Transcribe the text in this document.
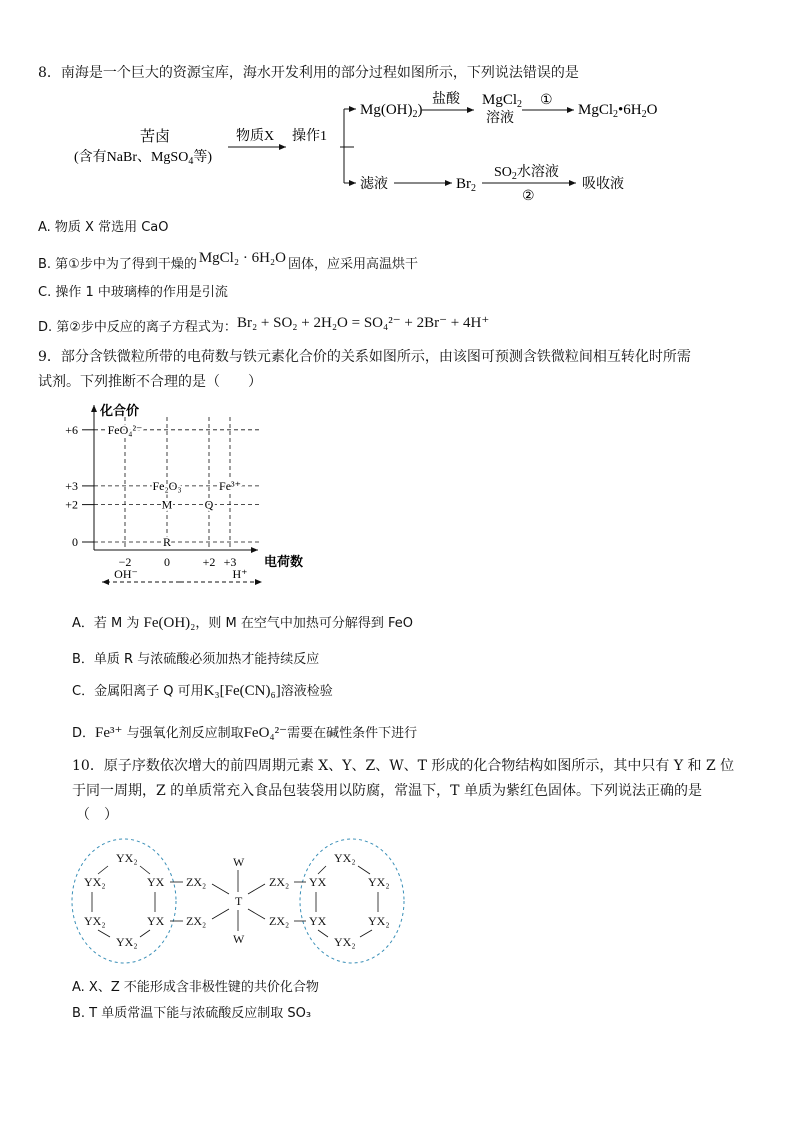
8．南海是一个巨大的资源宝库，海水开发利用的部分过程如图所示，下列说法错误的是
苦卤
(含有NaBr、MgSO$_4$等)
物质X 操作1
$Mg(OH)_2$)
盐酸 MgCl$_2$
溶液
①
$MgCl_2•6H_2O$
滤液	$Br_2$
$SO_2$水溶液
②
吸收液
A. 物质 X 常选用 CaO
B. 第①步中为了得到干燥的 MgCl₂ · 6H₂O 固体，应采用高温烘干
C. 操作 1 中玻璃棒的作用是引流
D. 第②步中反应的离子方程式为：Br₂ + SO₂ + 2H₂O = SO₄²⁻ + 2Br⁻ + 4H⁺
9．部分含铁微粒所带的电荷数与铁元素化合价的关系如图所示，由该图可预测含铁微粒间相互转化时所需
试剂。下列推断不合理的是（　　）
化合价
电荷数
+6
+3
+2
0
−2	0	+2 +3
FeO₄²⁻
Fe₂O₃	Fe³⁺
M	Q
R
OH⁻	H⁺
A．若 M 为 Fe(OH)₂，则 M 在空气中加热可分解得到 FeO
B．单质 R 与浓硫酸必须加热才能持续反应
C．金属阳离子 Q 可用K₃[Fe(CN)₆]溶液检验
D．Fe³⁺ 与强氧化剂反应制取FeO₄²⁻需要在碱性条件下进行
10．原子序数依次增大的前四周期元素 X、Y、Z、W、T 形成的化合物结构如图所示，其中只有 Y 和 Z 位
于同一周期，Z 的单质常充入食品包装袋用以防腐，常温下，T 单质为紫红色固体。下列说法正确的是
（　）
YX₂
YX₂	YX
YX₂	YX
YX₂
ZX₂
ZX₂
W
T
W
ZX₂
ZX₂
YX₂
YX	YX₂
YX	YX₂
YX₂
A. X、Z 不能形成含非极性键的共价化合物
B. T 单质常温下能与浓硫酸反应制取 SO₃
